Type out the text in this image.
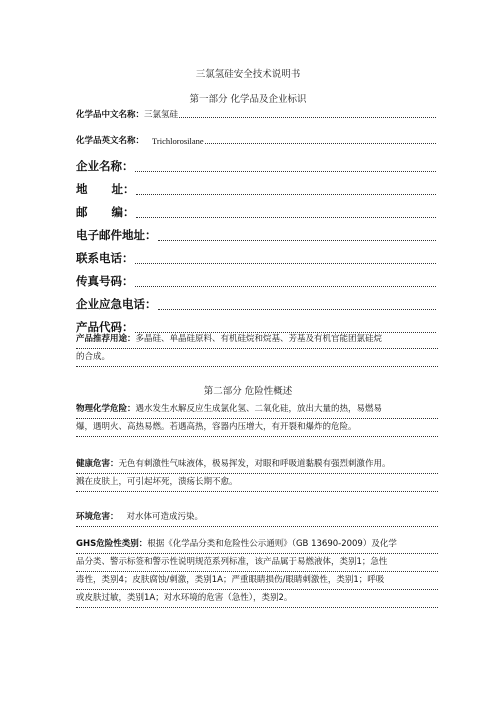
三氯氢硅安全技术说明书
第一部分 化学品及企业标识
化学品中文名称： 三氯氢硅
化学品英文名称： Trichlorosilane
企业名称：
地      址：
邮      编：
电子邮件地址：
联系电话：
传真号码：
企业应急电话：
产品代码：
产品推荐用途：多晶硅、单晶硅原料、有机硅烷和烷基、芳基及有机官能团氯硅烷
的合成。
第二部分 危险性概述
物理化学危险：遇水发生水解反应生成氯化氢、二氧化硅，放出大量的热，易燃易
爆，遇明火、高热易燃。若遇高热，容器内压增大，有开裂和爆炸的危险。
健康危害：无色有刺激性气味液体，极易挥发，对眼和呼吸道黏膜有强烈刺激作用。
溅在皮肤上，可引起坏死，溃疡长期不愈。
环境危害： 对水体可造成污染。
GHS危险性类别：根据《化学品分类和危险性公示通则》（GB 13690-2009）及化学
品分类、警示标签和警示性说明规范系列标准，该产品属于易燃液体，类别1；急性
毒性，类别4；皮肤腐蚀/刺激，类别1A；严重眼睛损伤/眼睛刺激性，类别1；呼吸
或皮肤过敏，类别1A；对水环境的危害（急性），类别2。
